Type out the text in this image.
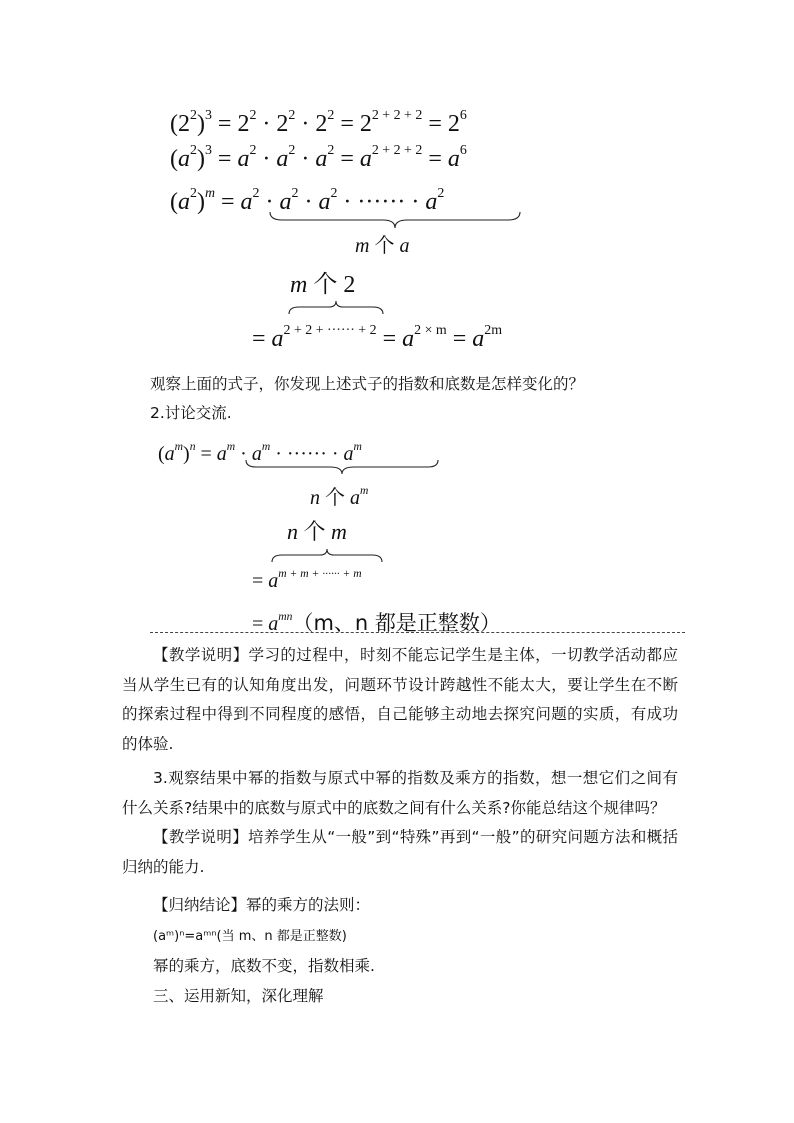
$(2^2)^3 = 2^2 \cdot 2^2 \cdot 2^2 = 2^{2 + 2 + 2} = 2^6$
$(a^2)^3 = a^2 \cdot a^2 \cdot a^2 = a^{2 + 2 + 2} = a^6$
$(a^2)^m = a^2 \cdot a^2 \cdot a^2$ · ······ · $a^2$
m 个 a
m 个 2
= $a^{2 + 2 + \cdot\cdot\cdot\cdot\cdot\cdot + 2} = a^{2 \times m} = a^{2m}$
观察上面的式子，你发现上述式子的指数和底数是怎样变化的？
2.讨论交流.
$(a^m)^n = a^m \cdot a^m$ · ······ · $a^m$
n 个 $a^m$
n 个 m
= $a^{m + m + \cdot\cdot\cdot\cdot\cdot\cdot + m}$
= $a^{mn}(m$、n 都是正整数）
【教学说明】学习的过程中，时刻不能忘记学生是主体，一切教学活动都应当从学生已有的认知角度出发，问题环节设计跨越性不能太大，要让学生在不断的探索过程中得到不同程度的感悟，自己能够主动地去探究问题的实质，有成功的体验.
3.观察结果中幂的指数与原式中幂的指数及乘方的指数，想一想它们之间有什么关系?结果中的底数与原式中的底数之间有什么关系?你能总结这个规律吗？
【教学说明】培养学生从“一般”到“特殊”再到“一般”的研究问题方法和概括归纳的能力.
【归纳结论】幂的乘方的法则：
(aᵐ)ⁿ=aᵐⁿ(当 m、n 都是正整数)
幂的乘方，底数不变，指数相乘.
三、运用新知，深化理解
